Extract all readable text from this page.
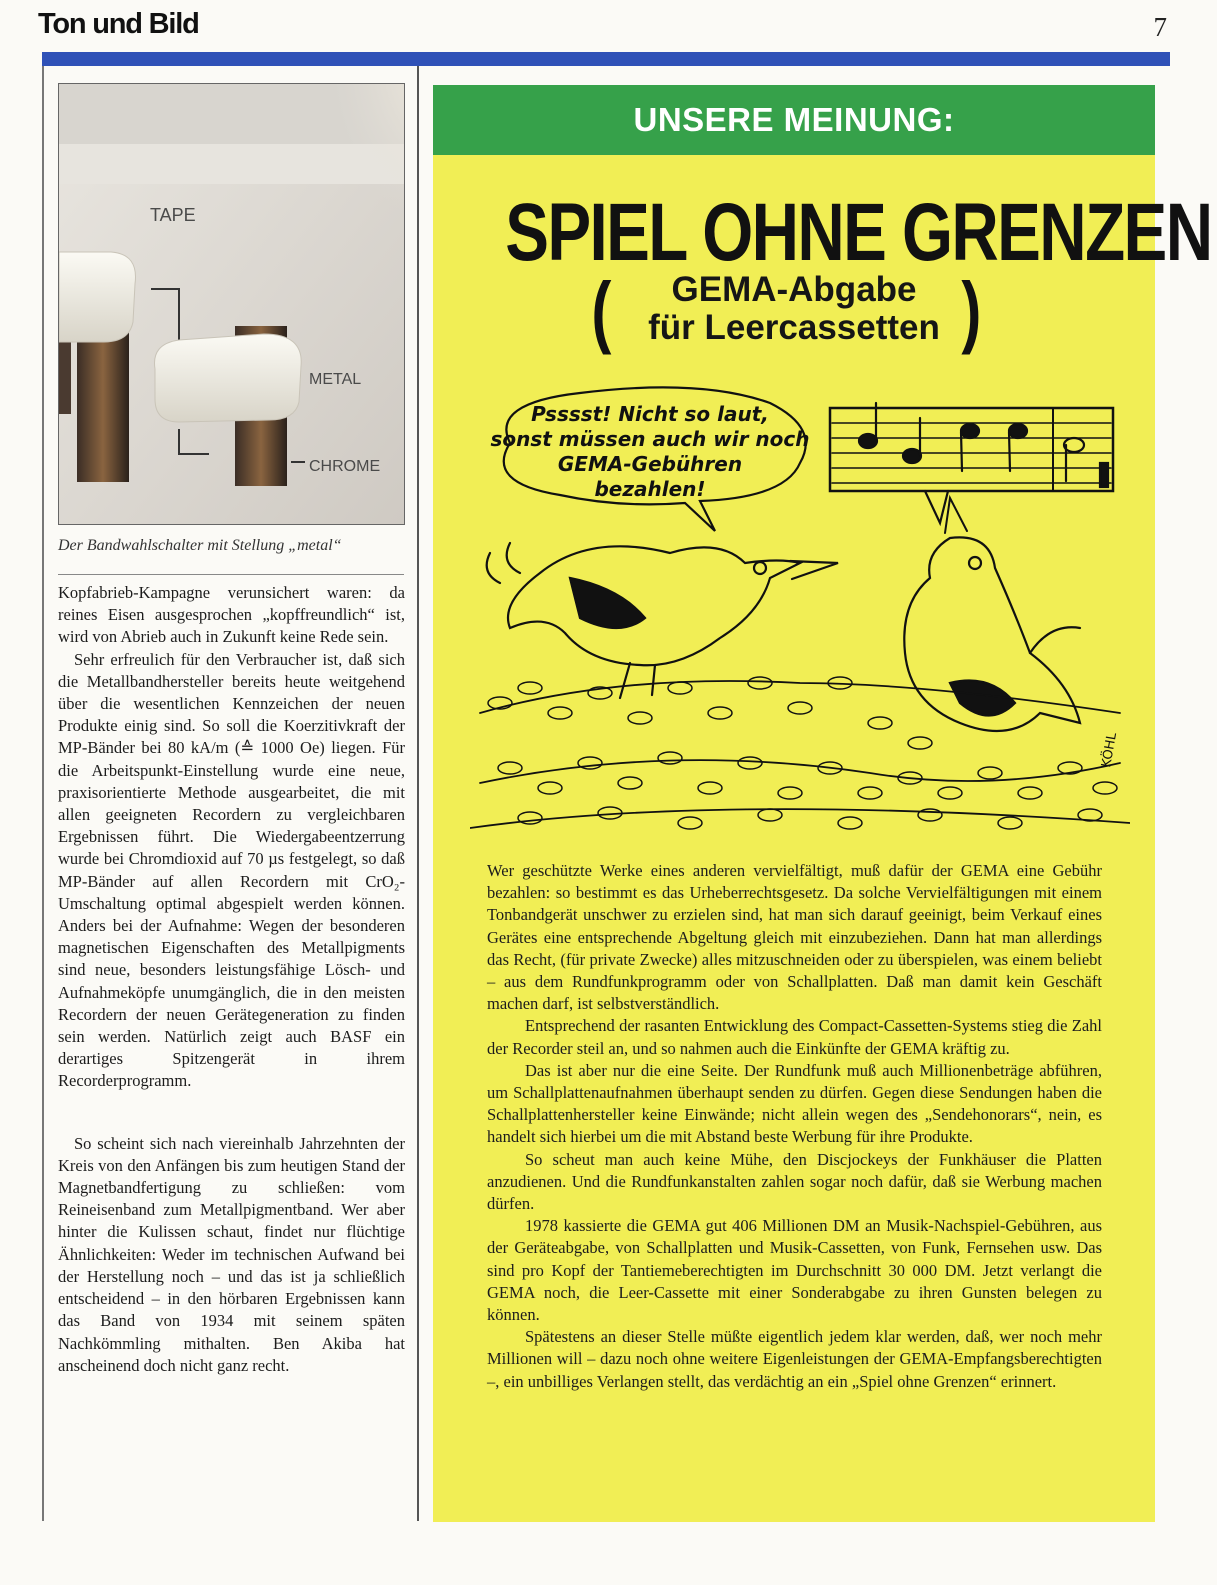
Ton und Bild	7
TAPE
METAL
CHROME
Der Bandwahlschalter mit Stellung „metal“

Kopfabrieb-Kampagne verunsichert waren: da reines Eisen ausgesprochen „kopffreundlich“ ist, wird von Abrieb auch in Zukunft keine Rede sein.

Sehr erfreulich für den Verbraucher ist, daß sich die Metallbandhersteller bereits heute weitgehend über die wesentlichen Kennzeichen der neuen Produkte einig sind. So soll die Koerzitivkraft der MP-Bänder bei 80 kA/m (≙ 1000 Oe) liegen. Für die Arbeitspunkt-Einstellung wurde eine neue, praxisorientierte Methode ausgearbeitet, die mit allen geeigneten Recordern zu vergleichbaren Ergebnissen führt. Die Wiedergabeentzerrung wurde bei Chromdioxid auf 70 µs festgelegt, so daß MP-Bänder auf allen Recordern mit CrO₂-Umschaltung optimal abgespielt werden können. Anders bei der Aufnahme: Wegen der besonderen magnetischen Eigenschaften des Metallpigments sind neue, besonders leistungsfähige Lösch- und Aufnahmeköpfe unumgänglich, die in den meisten Recordern der neuen Gerätegeneration zu finden sein werden. Natürlich zeigt auch BASF ein derartiges Spitzengerät in ihrem Recorderprogramm.

So scheint sich nach viereinhalb Jahrzehnten der Kreis von den Anfängen bis zum heutigen Stand der Magnetbandfertigung zu schließen: vom Reineisenband zum Metallpigmentband. Wer aber hinter die Kulissen schaut, findet nur flüchtige Ähnlichkeiten: Weder im technischen Aufwand bei der Herstellung noch – und das ist ja schließlich entscheidend – in den hörbaren Ergebnissen kann das Band von 1934 mit seinem späten Nachkömmling mithalten. Ben Akiba hat anscheinend doch nicht ganz recht.

UNSERE MEINUNG:
SPIEL OHNE GRENZEN
(	GEMA-Abgabe
für Leercassetten )
Psssst! Nicht so laut,
sonst müssen auch wir noch
GEMA-Gebühren
bezahlen!
KÖHL

Wer geschützte Werke eines anderen vervielfältigt, muß dafür der GEMA eine Gebühr bezahlen: so bestimmt es das Urheberrechtsgesetz. Da solche Vervielfältigungen mit einem Tonbandgerät unschwer zu erzielen sind, hat man sich darauf geeinigt, beim Verkauf eines Gerätes eine entsprechende Abgeltung gleich mit einzubeziehen. Dann hat man allerdings das Recht, (für private Zwecke) alles mitzuschneiden oder zu überspielen, was einem beliebt – aus dem Rundfunkprogramm oder von Schallplatten. Daß man damit kein Geschäft machen darf, ist selbstverständlich.

Entsprechend der rasanten Entwicklung des Compact-Cassetten-Systems stieg die Zahl der Recorder steil an, und so nahmen auch die Einkünfte der GEMA kräftig zu.

Das ist aber nur die eine Seite. Der Rundfunk muß auch Millionenbeträge abführen, um Schallplattenaufnahmen überhaupt senden zu dürfen. Gegen diese Sendungen haben die Schallplattenhersteller keine Einwände; nicht allein wegen des „Sendehonorars“, nein, es handelt sich hierbei um die mit Abstand beste Werbung für ihre Produkte.

So scheut man auch keine Mühe, den Discjockeys der Funkhäuser die Platten anzudienen. Und die Rundfunkanstalten zahlen sogar noch dafür, daß sie Werbung machen dürfen.

1978 kassierte die GEMA gut 406 Millionen DM an Musik-Nachspiel-Gebühren, aus der Geräteabgabe, von Schallplatten und Musik-Cassetten, von Funk, Fernsehen usw. Das sind pro Kopf der Tantiemeberechtigten im Durchschnitt 30 000 DM. Jetzt verlangt die GEMA noch, die Leer-Cassette mit einer Sonderabgabe zu ihren Gunsten belegen zu können.

Spätestens an dieser Stelle müßte eigentlich jedem klar werden, daß, wer noch mehr Millionen will – dazu noch ohne weitere Eigenleistungen der GEMA-Empfangsberechtigten –, ein unbilliges Verlangen stellt, das verdächtig an ein „Spiel ohne Grenzen“ erinnert.
